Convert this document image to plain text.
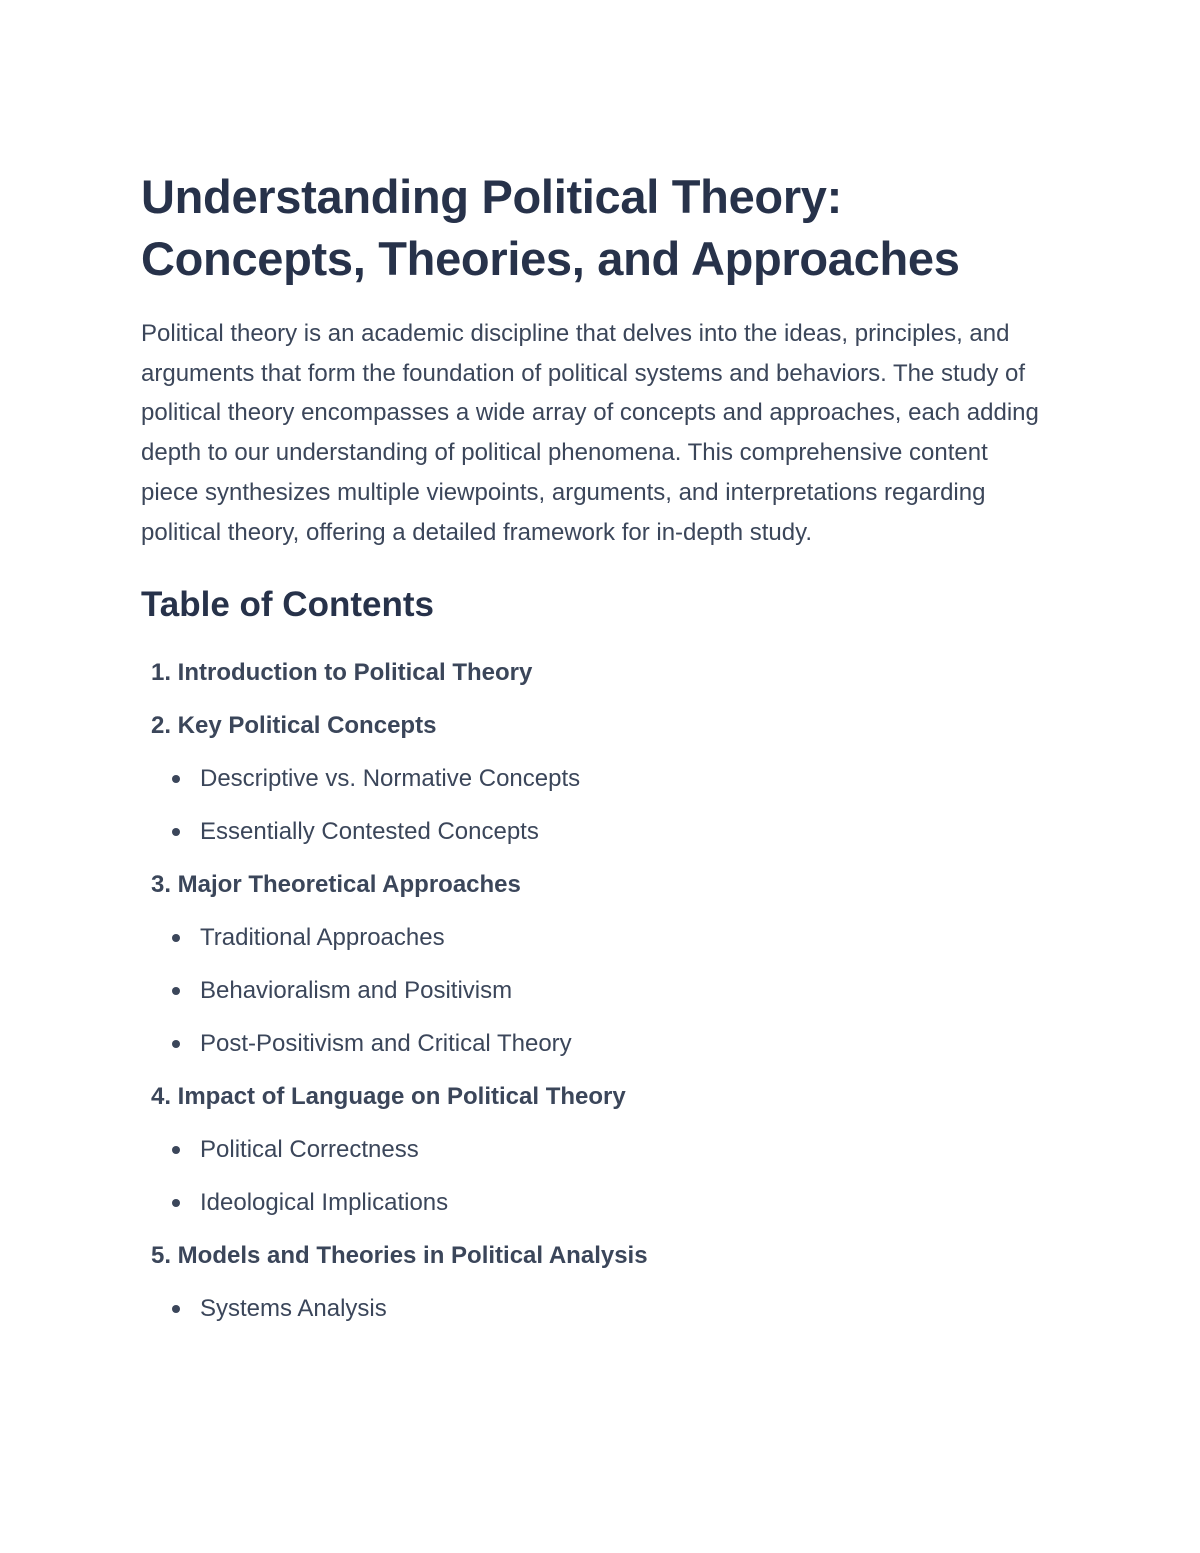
Understanding Political Theory: Concepts, Theories, and Approaches

Political theory is an academic discipline that delves into the ideas, principles, and arguments that form the foundation of political systems and behaviors. The study of political theory encompasses a wide array of concepts and approaches, each adding depth to our understanding of political phenomena. This comprehensive content piece synthesizes multiple viewpoints, arguments, and interpretations regarding political theory, offering a detailed framework for in-depth study.

Table of Contents
1. Introduction to Political Theory
2. Key Political Concepts
Descriptive vs. Normative Concepts
Essentially Contested Concepts
3. Major Theoretical Approaches
Traditional Approaches
Behavioralism and Positivism
Post-Positivism and Critical Theory
4. Impact of Language on Political Theory
Political Correctness
Ideological Implications
5. Models and Theories in Political Analysis
Systems Analysis
